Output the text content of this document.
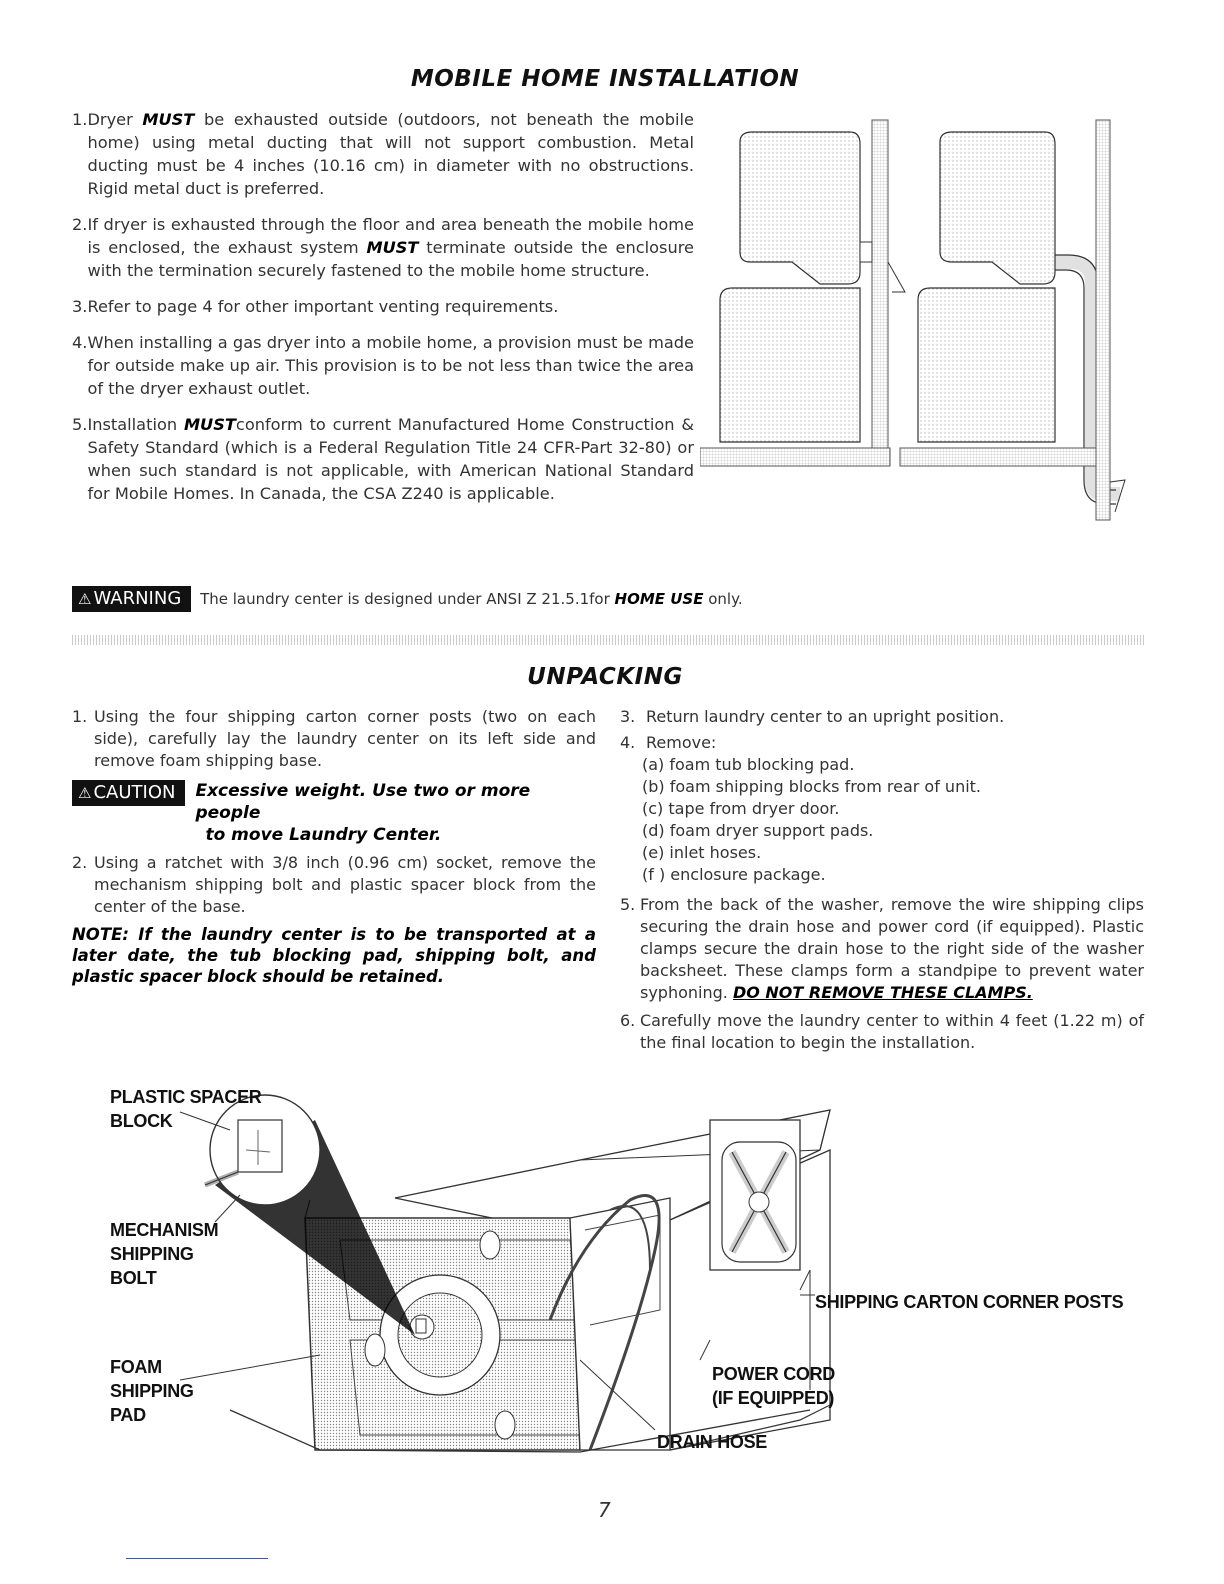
MOBILE HOME INSTALLATION
1. Dryer MUST be exhausted outside (outdoors, not beneath the mobile home) using metal ducting that will not support combustion. Metal ducting must be 4 inches (10.16 cm) in diameter with no obstructions. Rigid metal duct is preferred.
2. If dryer is exhausted through the floor and area beneath the mobile home is enclosed, the exhaust system MUST terminate outside the enclosure with the termination securely fastened to the mobile home structure.
3. Refer to page 4 for other important venting requirements.
4. When installing a gas dryer into a mobile home, a provision must be made for outside make up air. This provision is to be not less than twice the area of the dryer exhaust outlet.
5. Installation MUSTconform to current Manufactured Home Construction & Safety Standard (which is a Federal Regulation Title 24 CFR-Part 32-80) or when such standard is not applicable, with American National Standard for Mobile Homes. In Canada, the CSA Z240 is applicable.
⚠ WARNING The laundry center is designed under ANSI Z 21.5.1for HOME USE only.
UNPACKING
1. Using the four shipping carton corner posts (two on each side), carefully lay the laundry center on its left side and remove foam shipping base.
⚠ CAUTION	Excessive weight. Use two or more people
to move Laundry Center.
2. Using a ratchet with 3/8 inch (0.96 cm) socket, remove the mechanism shipping bolt and plastic spacer block from the center of the base.
NOTE: If the laundry center is to be transported at a later date, the tub blocking pad, shipping bolt, and plastic spacer block should be retained.
3. Return laundry center to an upright position.
4. Remove:
(a) foam tub blocking pad.
(b) foam shipping blocks from rear of unit.
(c) tape from dryer door.
(d) foam dryer support pads.
(e) inlet hoses.
(f ) enclosure package.
5. From the back of the washer, remove the wire shipping clips securing the drain hose and power cord (if equipped). Plastic clamps secure the drain hose to the right side of the washer backsheet. These clamps form a standpipe to prevent water syphoning. DO NOT REMOVE THESE CLAMPS.
6. Carefully move the laundry center to within 4 feet (1.22 m) of the final location to begin the installation.
PLASTIC SPACER
BLOCK
MECHANISM
SHIPPING
BOLT
FOAM
SHIPPING
PAD
SHIPPING CARTON CORNER POSTS
POWER CORD
(IF EQUIPPED)
DRAIN HOSE
7
